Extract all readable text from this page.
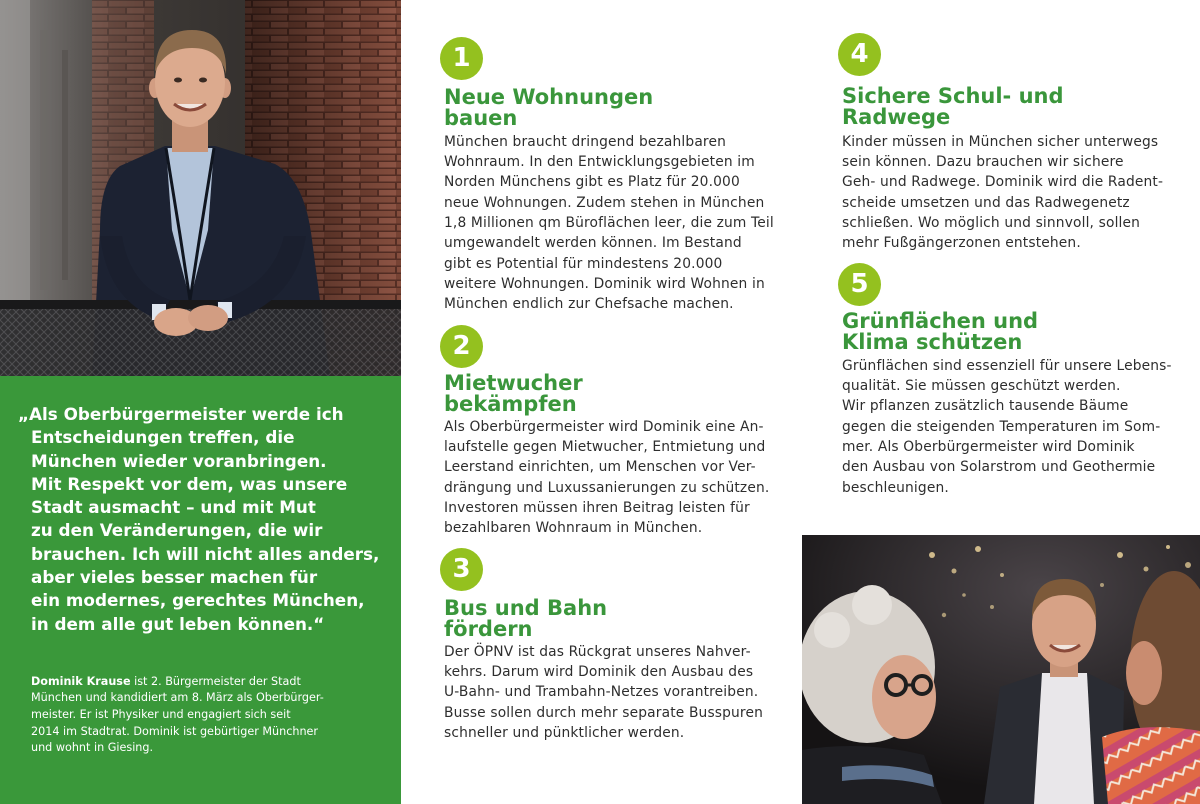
„Als Oberbürgermeister werde ich
Entscheidungen treffen, die
München wieder voranbringen.
Mit Respekt vor dem, was unsere
Stadt ausmacht – und mit Mut
zu den Veränderungen, die wir
brauchen. Ich will nicht alles anders,
aber vieles besser machen für
ein modernes, gerechtes München,
in dem alle gut leben können.“

Dominik Krause ist 2. Bürgermeister der Stadt
München und kandidiert am 8. März als Oberbürger-
meister. Er ist Physiker und engagiert sich seit
2014 im Stadtrat. Dominik ist gebürtiger Münchner
und wohnt in Giesing.

1
Neue Wohnungen
bauen
München braucht dringend bezahlbaren
Wohnraum. In den Entwicklungsgebieten im
Norden Münchens gibt es Platz für 20.000
neue Wohnungen. Zudem stehen in München
1,8 Millionen qm Büroflächen leer, die zum Teil
umgewandelt werden können. Im Bestand
gibt es Potential für mindestens 20.000
weitere Wohnungen. Dominik wird Wohnen in
München endlich zur Chefsache machen.
2
Mietwucher
bekämpfen
Als Oberbürgermeister wird Dominik eine An-
laufstelle gegen Mietwucher, Entmietung und
Leerstand einrichten, um Menschen vor Ver-
drängung und Luxussanierungen zu schützen.
Investoren müssen ihren Beitrag leisten für
bezahlbaren Wohnraum in München.
3
Bus und Bahn
fördern
Der ÖPNV ist das Rückgrat unseres Nahver-
kehrs. Darum wird Dominik den Ausbau des
U-Bahn- und Trambahn-Netzes vorantreiben.
Busse sollen durch mehr separate Busspuren
schneller und pünktlicher werden.
4
Sichere Schul- und
Radwege
Kinder müssen in München sicher unterwegs
sein können. Dazu brauchen wir sichere
Geh- und Radwege. Dominik wird die Radent-
scheide umsetzen und das Radwegenetz
schließen. Wo möglich und sinnvoll, sollen
mehr Fußgängerzonen entstehen.
5
Grünflächen und
Klima schützen
Grünflächen sind essenziell für unsere Lebens-
qualität. Sie müssen geschützt werden.
Wir pflanzen zusätzlich tausende Bäume
gegen die steigenden Temperaturen im Som-
mer. Als Oberbürgermeister wird Dominik
den Ausbau von Solarstrom und Geothermie
beschleunigen.
